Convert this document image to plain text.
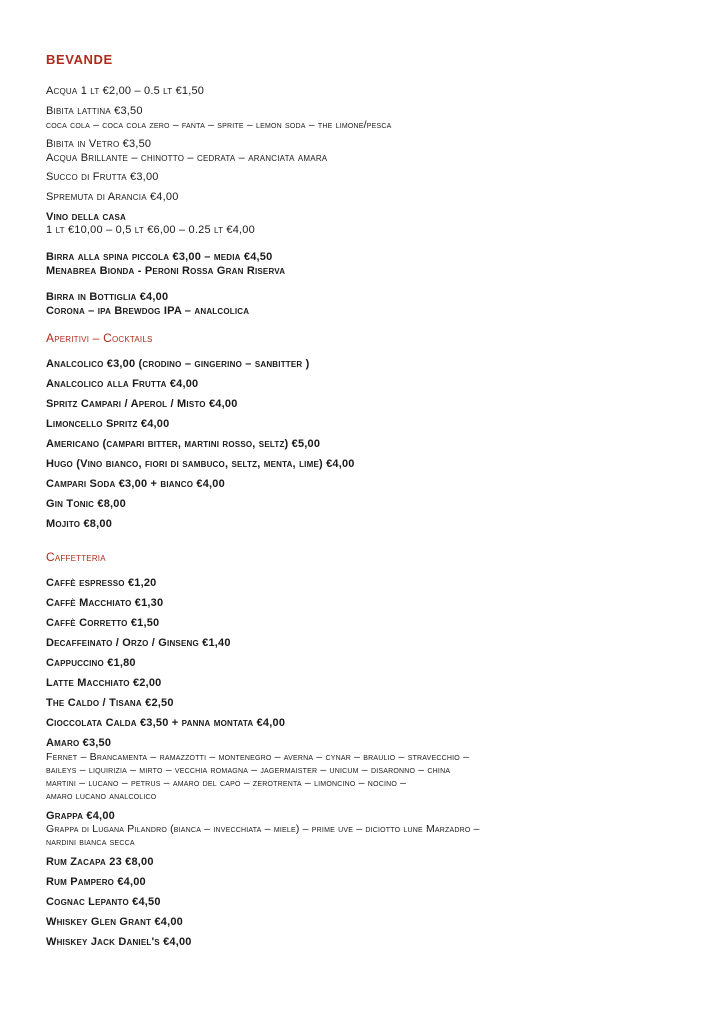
BEVANDE
Acqua 1 lt €2,00 – 0.5 lt €1,50
Bibita lattina €3,50
coca cola – coca cola zero – fanta – sprite – lemon soda – the limone/pesca
Bibita in Vetro €3,50
Acqua Brillante – chinotto – cedrata – aranciata amara
Succo di Frutta €3,00
Spremuta di Arancia €4,00
Vino della casa
1 lt €10,00 – 0,5 lt €6,00 – 0.25 lt €4,00
Birra alla spina piccola €3,00 – media €4,50
Menabrea Bionda - Peroni Rossa Gran Riserva
Birra in Bottiglia €4,00
Corona – ipa Brewdog IPA – analcolica
Aperitivi – Cocktails
Analcolico €3,00 (crodino – gingerino – sanbitter )
Analcolico alla Frutta €4,00
Spritz Campari / Aperol / Misto €4,00
Limoncello Spritz €4,00
Americano (campari bitter, martini rosso, seltz) €5,00
Hugo (Vino bianco, fiori di sambuco, seltz, menta, lime) €4,00
Campari Soda €3,00 + bianco €4,00
Gin Tonic €8,00
Mojito €8,00
Caffetteria
Caffè espresso €1,20
Caffè Macchiato €1,30
Caffè Corretto €1,50
Decaffeinato / Orzo / Ginseng €1,40
Cappuccino €1,80
Latte Macchiato €2,00
The Caldo / Tisana €2,50
Cioccolata Calda €3,50 + panna montata €4,00
Amaro €3,50
Fernet – Brancamenta – ramazzotti – montenegro – averna – cynar – braulio – stravecchio –
baileys – liquirizia – mirto – vecchia romagna – jagermaister – unicum – disaronno – china
martini – lucano – petrus – amaro del capo – zerotrenta – limoncino – nocino –
amaro lucano analcolico
Grappa €4,00
Grappa di Lugana Pilandro (bianca – invecchiata – miele) – prime uve – diciotto lune Marzadro –
nardini bianca secca
Rum Zacapa 23 €8,00
Rum Pampero €4,00
Cognac Lepanto €4,50
Whiskey Glen Grant €4,00
Whiskey Jack Daniel's €4,00
